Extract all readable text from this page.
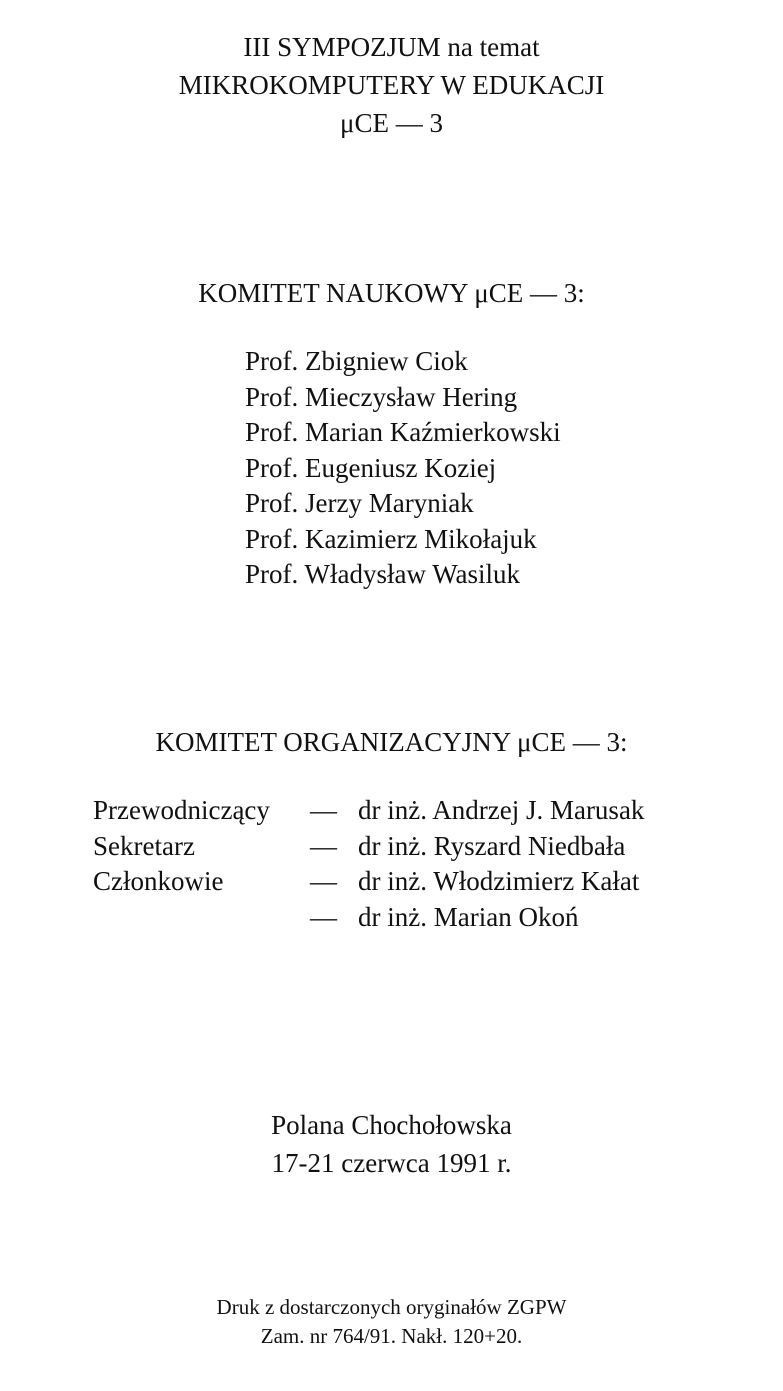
III SYMPOZJUM na temat
MIKROKOMPUTERY W EDUKACJI
μCE — 3
KOMITET NAUKOWY μCE — 3:
Prof. Zbigniew Ciok
Prof. Mieczysław Hering
Prof. Marian Kaźmierkowski
Prof. Eugeniusz Koziej
Prof. Jerzy Maryniak
Prof. Kazimierz Mikołajuk
Prof. Władysław Wasiluk
KOMITET ORGANIZACYJNY μCE — 3:
Przewodniczący — dr inż. Andrzej J. Marusak
Sekretarz	— dr inż. Ryszard Niedbała
Członkowie	— dr inż. Włodzimierz Kałat
— dr inż. Marian Okoń
Polana Chochołowska
17-21 czerwca 1991 r.
Druk z dostarczonych oryginałów ZGPW
Zam. nr 764/91. Nakł. 120+20.
